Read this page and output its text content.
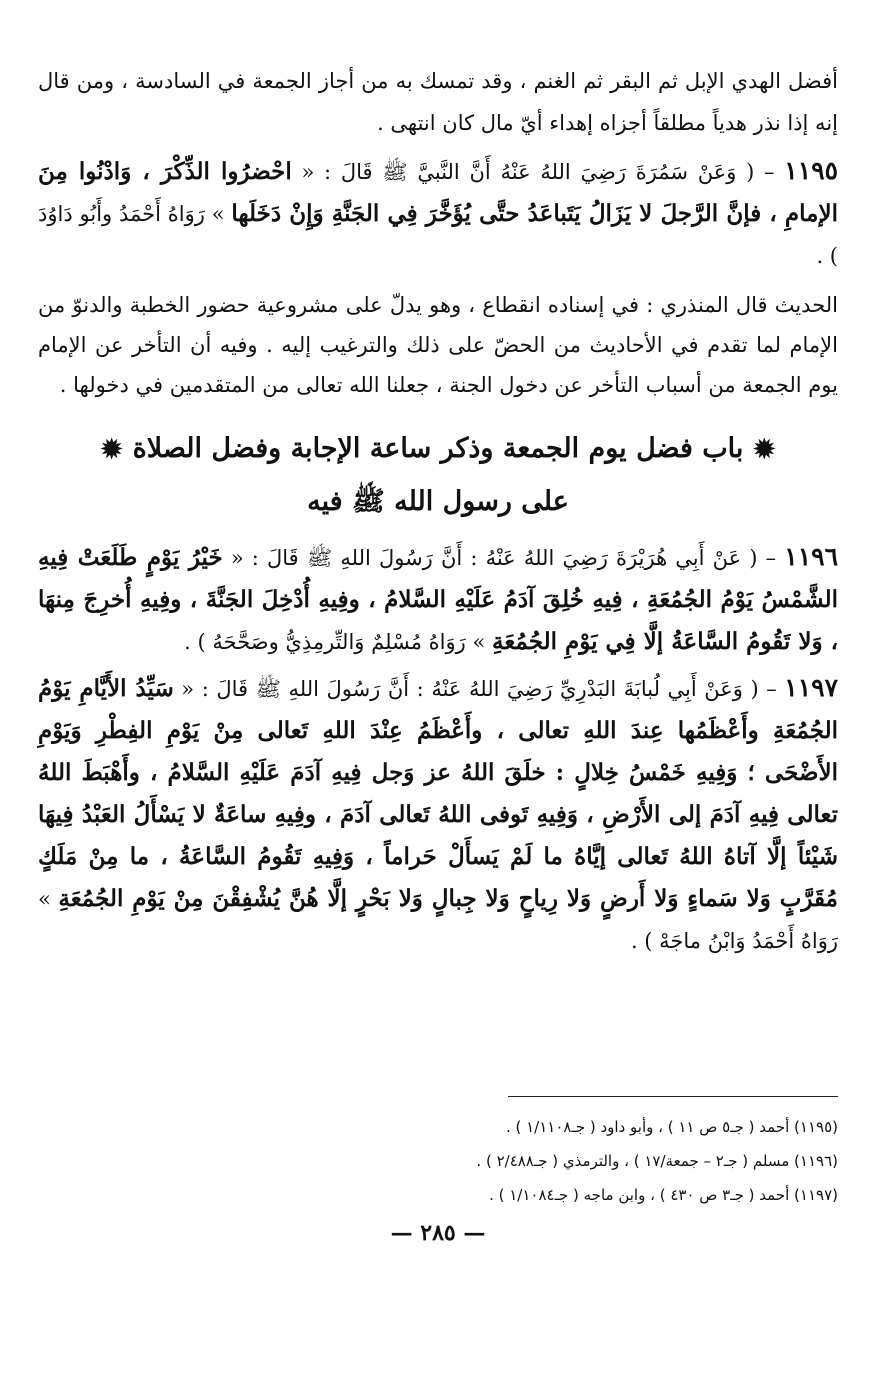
أفضل الهدي الإبل ثم البقر ثم الغنم ، وقد تمسك به من أجاز الجمعة في السادسة ، ومن قال إنه إذا نذر هدياً مطلقاً أجزاه إهداء أيّ مال كان انتهى .

١١٩٥ – ( وَعَنْ سَمُرَةَ رَضِيَ اللهُ عَنْهُ أَنَّ النَّبيَّ ﷺ قَالَ : « احْضرُوا الذِّكْرَ ، وَادْنُوا مِنَ الإمامِ ، فإنَّ الرَّجلَ لا يَزَالُ يَتَباعَدُ حتَّى يُؤَخَّرَ فِي الجَنَّةِ وَإِنْ دَخَلَها » رَوَاهُ أَحْمَدُ وأَبُو دَاوُدَ ) .

الحديث قال المنذري : في إسناده انقطاع ، وهو يدلّ على مشروعية حضور الخطبة والدنوّ من الإمام لما تقدم في الأحاديث من الحضّ على ذلك والترغيب إليه . وفيه أن التأخر عن الإمام يوم الجمعة من أسباب التأخر عن دخول الجنة ، جعلنا الله تعالى من المتقدمين في دخولها .

✹باب فضل يوم الجمعة وذكر ساعة الإجابة وفضل الصلاة✹
على رسول الله ﷺ فيه

١١٩٦ – ( عَنْ أَبِي هُرَيْرَةَ رَضِيَ اللهُ عَنْهُ : أَنَّ رَسُولَ اللهِ ﷺ قَالَ : « خَيْرُ يَوْمٍ طَلَعَتْ فِيهِ الشَّمْسُ يَوْمُ الجُمُعَةِ ، فِيهِ خُلِقَ آدَمُ عَلَيْهِ السَّلامُ ، وفِيهِ أُدْخِلَ الجَنَّةَ ، وفِيهِ أُخرِجَ مِنهَا ، وَلا تَقُومُ السَّاعَةُ إلَّا فِي يَوْمِ الجُمُعَةِ » رَوَاهُ مُسْلِمٌ وَالتِّرمِذِيُّ وصَحَّحَهُ ) .

١١٩٧ – ( وَعَنْ أَبِي لُبابَةَ البَدْرِيِّ رَضِيَ اللهُ عَنْهُ : أَنَّ رَسُولَ اللهِ ﷺ قَالَ : « سَيِّدُ الأَيَّامِ يَوْمُ الجُمُعَةِ وأَعْظَمُها عِندَ اللهِ تعالى ، وأَعْظَمُ عِنْدَ اللهِ تَعالى مِنْ يَوْمِ الفِطْرِ وَيَوْمِ الأَضْحَى ؛ وَفِيهِ خَمْسُ خِلالٍ : خلَقَ اللهُ عز وَجل فِيهِ آدَمَ عَلَيْهِ السَّلامُ ، وأَهْبَطَ اللهُ تعالى فِيهِ آدَمَ إلى الأَرْضِ ، وَفِيهِ تَوفى اللهُ تَعالى آدَمَ ، وفِيهِ ساعَةٌ لا يَسْأَلُ العَبْدُ فِيهَا شَيْئاً إلَّا آتاهُ اللهُ تَعالى إيَّاهُ ما لَمْ يَسأَلْ حَراماً ، وَفِيهِ تَقُومُ السَّاعَةُ ، ما مِنْ مَلَكٍ مُقَرَّبٍ وَلا سَماءٍ وَلا أَرضٍ وَلا رِياحٍ وَلا جِبالٍ وَلا بَحْرٍ إلَّا هُنَّ يُشْفِقْنَ مِنْ يَوْمِ الجُمُعَةِ » رَوَاهُ أَحْمَدُ وَابْنُ ماجَهْ ) .

(١١٩٥) أحمد ( جـ٥ ص ١١ ) ، وأبو داود ( جـ١/١١٠٨ ) .

(١١٩٦) مسلم ( جـ٢ – جمعة/١٧ ) ، والترمذي ( جـ٢/٤٨٨ ) .

(١١٩٧) أحمد ( جـ٣ ص ٤٣٠ ) ، وابن ماجه ( جـ١/١٠٨٤ ) .

— ٢٨٥ —
